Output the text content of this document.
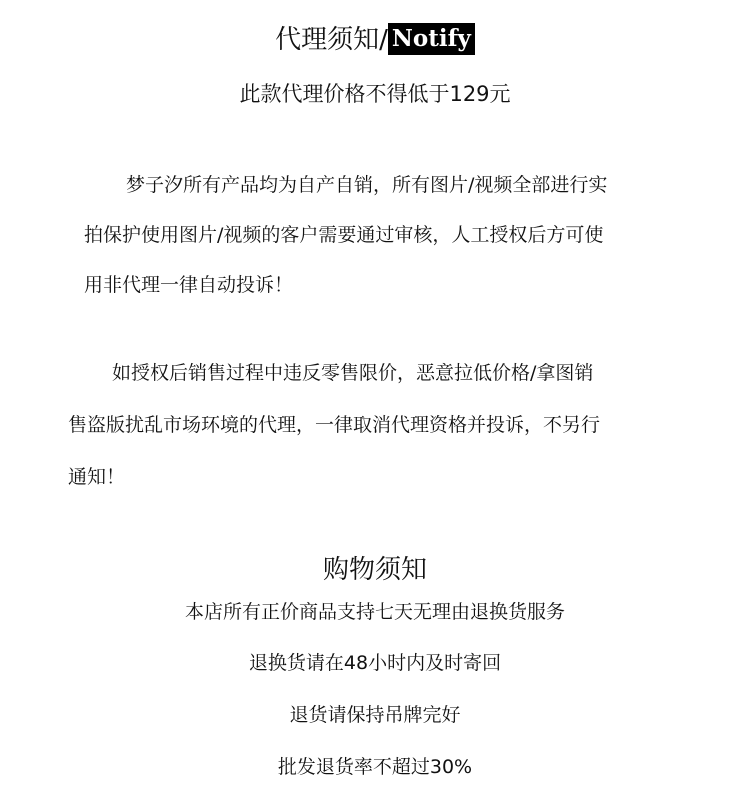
代理须知/ Notify
此款代理价格不得低于129元
梦子汐所有产品均为自产自销，所有图片/视频全部进行实
拍保护使用图片/视频的客户需要通过审核，人工授权后方可使
用非代理一律自动投诉！
如授权后销售过程中违反零售限价，恶意拉低价格/拿图销
售盗版扰乱市场环境的代理，一律取消代理资格并投诉，不另行
通知！
购物须知
本店所有正价商品支持七天无理由退换货服务
退换货请在48小时内及时寄回
退货请保持吊牌完好
批发退货率不超过30%
